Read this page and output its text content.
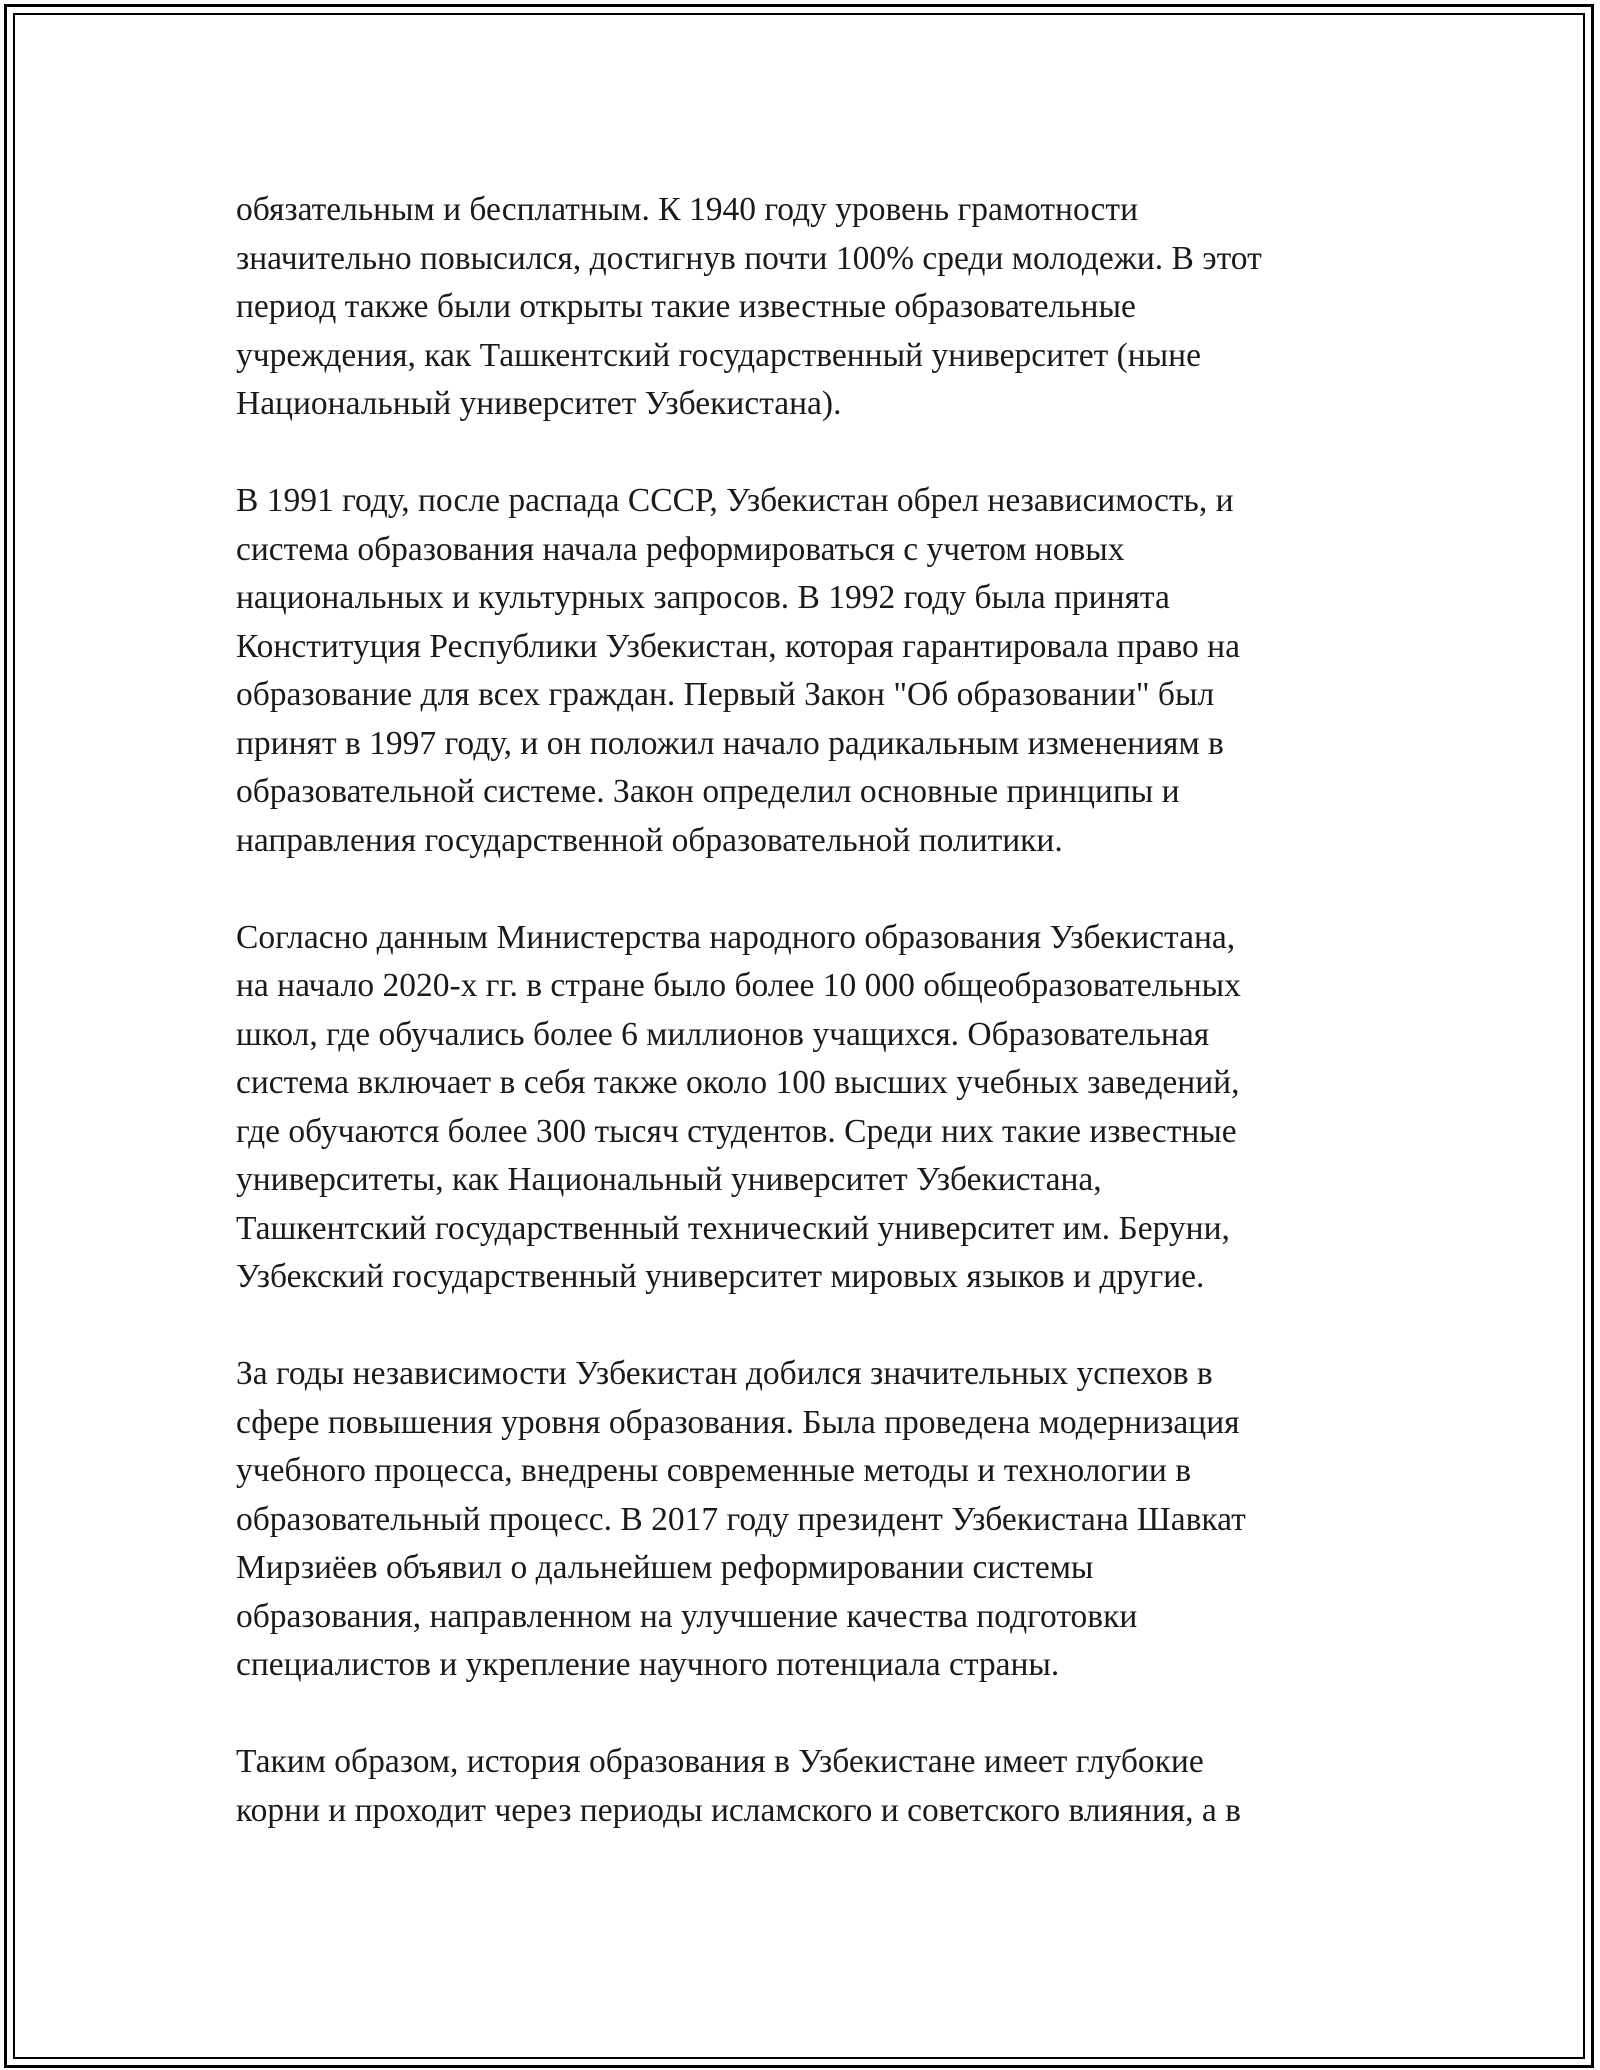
обязательным и бесплатным. К 1940 году уровень грамотности
значительно повысился, достигнув почти 100% среди молодежи. В этот
период также были открыты такие известные образовательные
учреждения, как Ташкентский государственный университет (ныне
Национальный университет Узбекистана).

В 1991 году, после распада СССР, Узбекистан обрел независимость, и
система образования начала реформироваться с учетом новых
национальных и культурных запросов. В 1992 году была принята
Конституция Республики Узбекистан, которая гарантировала право на
образование для всех граждан. Первый Закон "Об образовании" был
принят в 1997 году, и он положил начало радикальным изменениям в
образовательной системе. Закон определил основные принципы и
направления государственной образовательной политики.

Согласно данным Министерства народного образования Узбекистана,
на начало 2020-х гг. в стране было более 10 000 общеобразовательных
школ, где обучались более 6 миллионов учащихся. Образовательная
система включает в себя также около 100 высших учебных заведений,
где обучаются более 300 тысяч студентов. Среди них такие известные
университеты, как Национальный университет Узбекистана,
Ташкентский государственный технический университет им. Беруни,
Узбекский государственный университет мировых языков и другие.

За годы независимости Узбекистан добился значительных успехов в
сфере повышения уровня образования. Была проведена модернизация
учебного процесса, внедрены современные методы и технологии в
образовательный процесс. В 2017 году президент Узбекистана Шавкат
Мирзиёев объявил о дальнейшем реформировании системы
образования, направленном на улучшение качества подготовки
специалистов и укрепление научного потенциала страны.

Таким образом, история образования в Узбекистане имеет глубокие
корни и проходит через периоды исламского и советского влияния, а в
